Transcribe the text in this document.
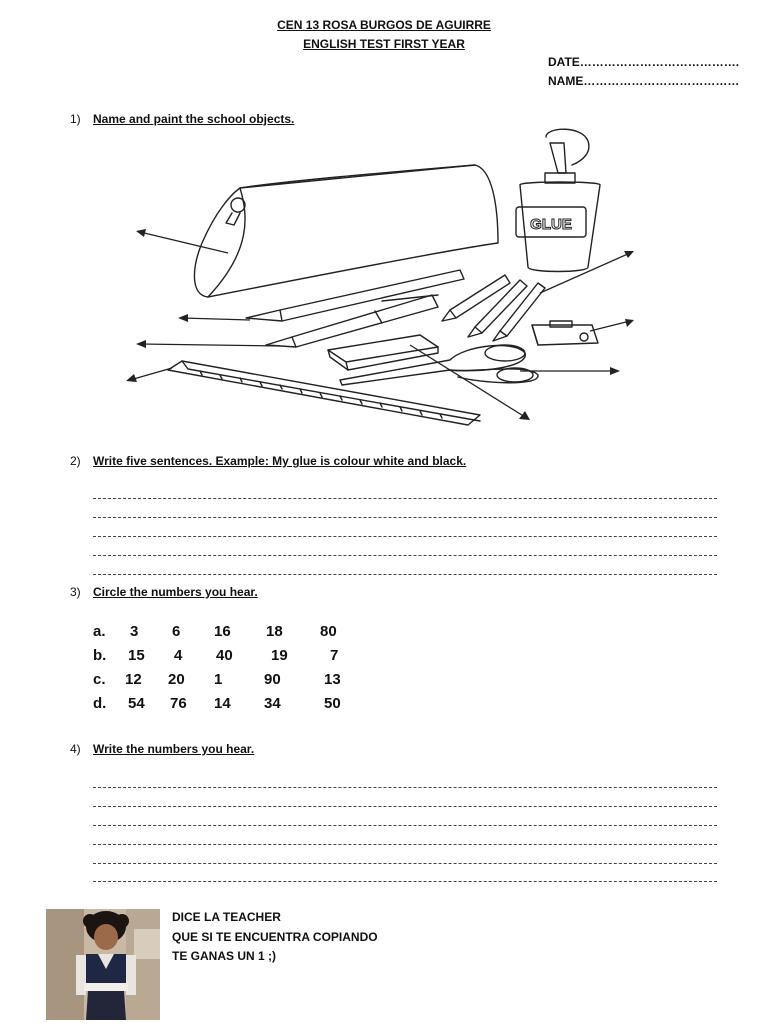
CEN 13 ROSA BURGOS DE AGUIRRE
ENGLISH TEST FIRST YEAR
DATE………………………………….
NAME…………………………………
1) Name and paint the school objects.
GLUE
2) Write five sentences. Example: My glue is colour white and black.
3) Circle the numbers you hear.
a. 3 6 16 18 80
b. 15 4 40	19	7
c. 12 20 1	90	13
d. 54 76 14 34	50
4) Write the numbers you hear.
DICE LA TEACHER
QUE SI TE ENCUENTRA COPIANDO
TE GANAS UN 1 ;)
